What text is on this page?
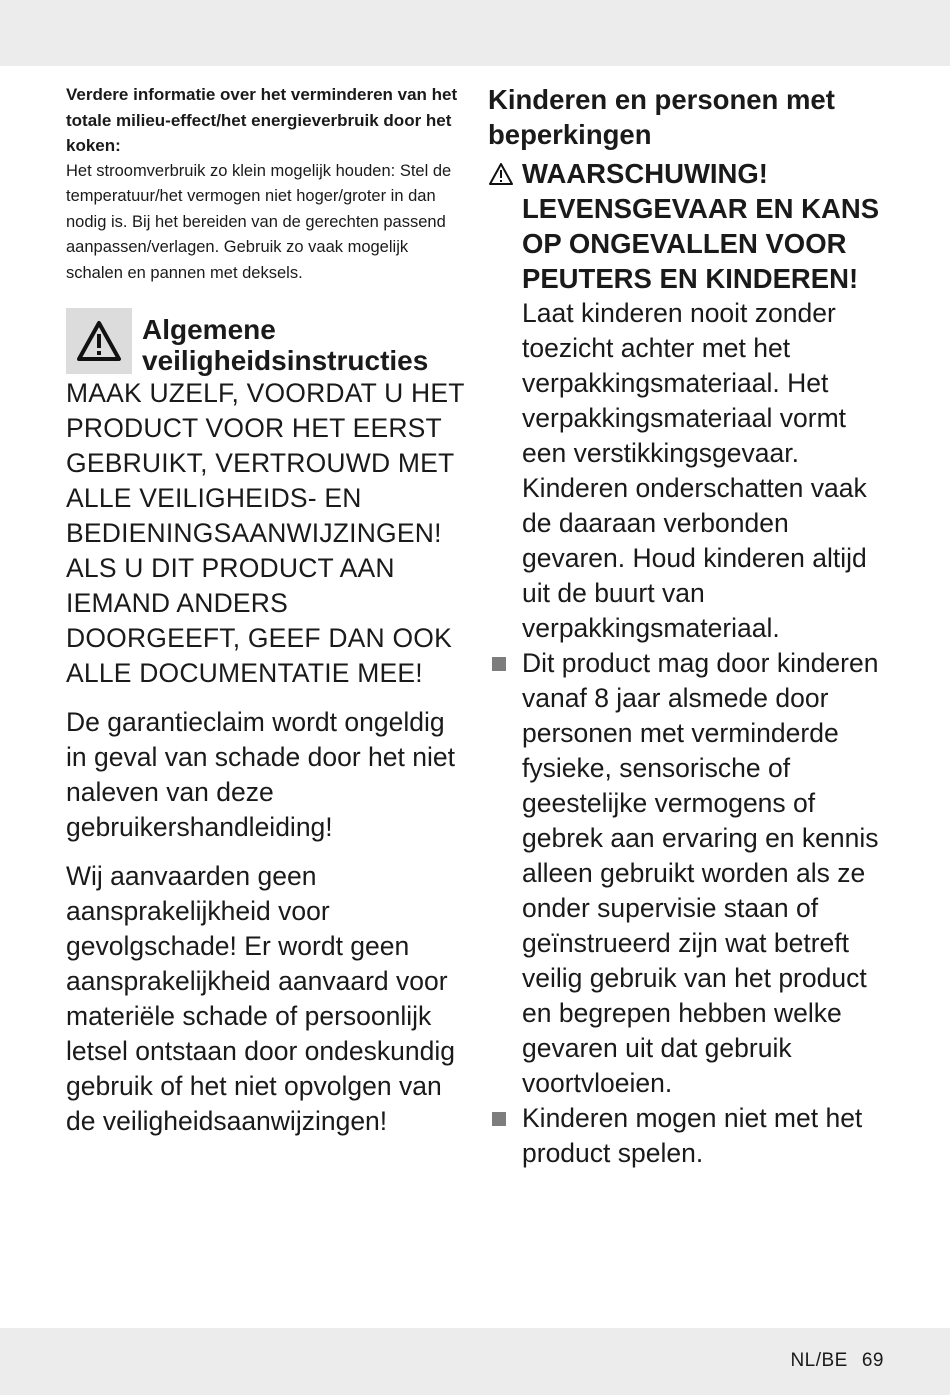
Verdere informatie over het verminderen van het totale milieu-effect/het energieverbruik door het koken:

Het stroomverbruik zo klein mogelijk houden: Stel de temperatuur/het vermogen niet hoger/groter in dan nodig is. Bij het bereiden van de gerechten passend aanpassen/verlagen. Gebruik zo vaak mogelijk schalen en pannen met deksels.

Algemene veiligheidsinstructies

MAAK UZELF, VOORDAT U HET PRODUCT VOOR HET EERST GEBRUIKT, VERTROUWD MET ALLE VEILIGHEIDS- EN BEDIENINGSAANWIJZINGEN! ALS U DIT PRODUCT AAN IEMAND ANDERS DOORGEEFT, GEEF DAN OOK ALLE DOCUMENTATIE MEE!

De garantieclaim wordt ongeldig in geval van schade door het niet naleven van deze gebruikershandleiding!

Wij aanvaarden geen aansprakelijkheid voor gevolgschade! Er wordt geen aansprakelijkheid aanvaard voor materiële schade of persoonlijk letsel ontstaan door ondeskundig gebruik of het niet opvolgen van de veiligheidsaanwijzingen!

Kinderen en personen met beperkingen

WAARSCHUWING! LEVENSGEVAAR EN KANS OP ONGEVALLEN VOOR PEUTERS EN KINDEREN!

Laat kinderen nooit zonder toezicht achter met het verpakkingsmateriaal. Het verpakkingsmateriaal vormt een verstikkingsgevaar. Kinderen onderschatten vaak de daaraan verbonden gevaren. Houd kinderen altijd uit de buurt van verpakkingsmateriaal.

Dit product mag door kinderen vanaf 8 jaar alsmede door personen met verminderde fysieke, sensorische of geestelijke vermogens of gebrek aan ervaring en kennis alleen gebruikt worden als ze onder supervisie staan of geïnstrueerd zijn wat betreft veilig gebruik van het product en begrepen hebben welke gevaren uit dat gebruik voortvloeien.

Kinderen mogen niet met het product spelen.

NL/BE 69
